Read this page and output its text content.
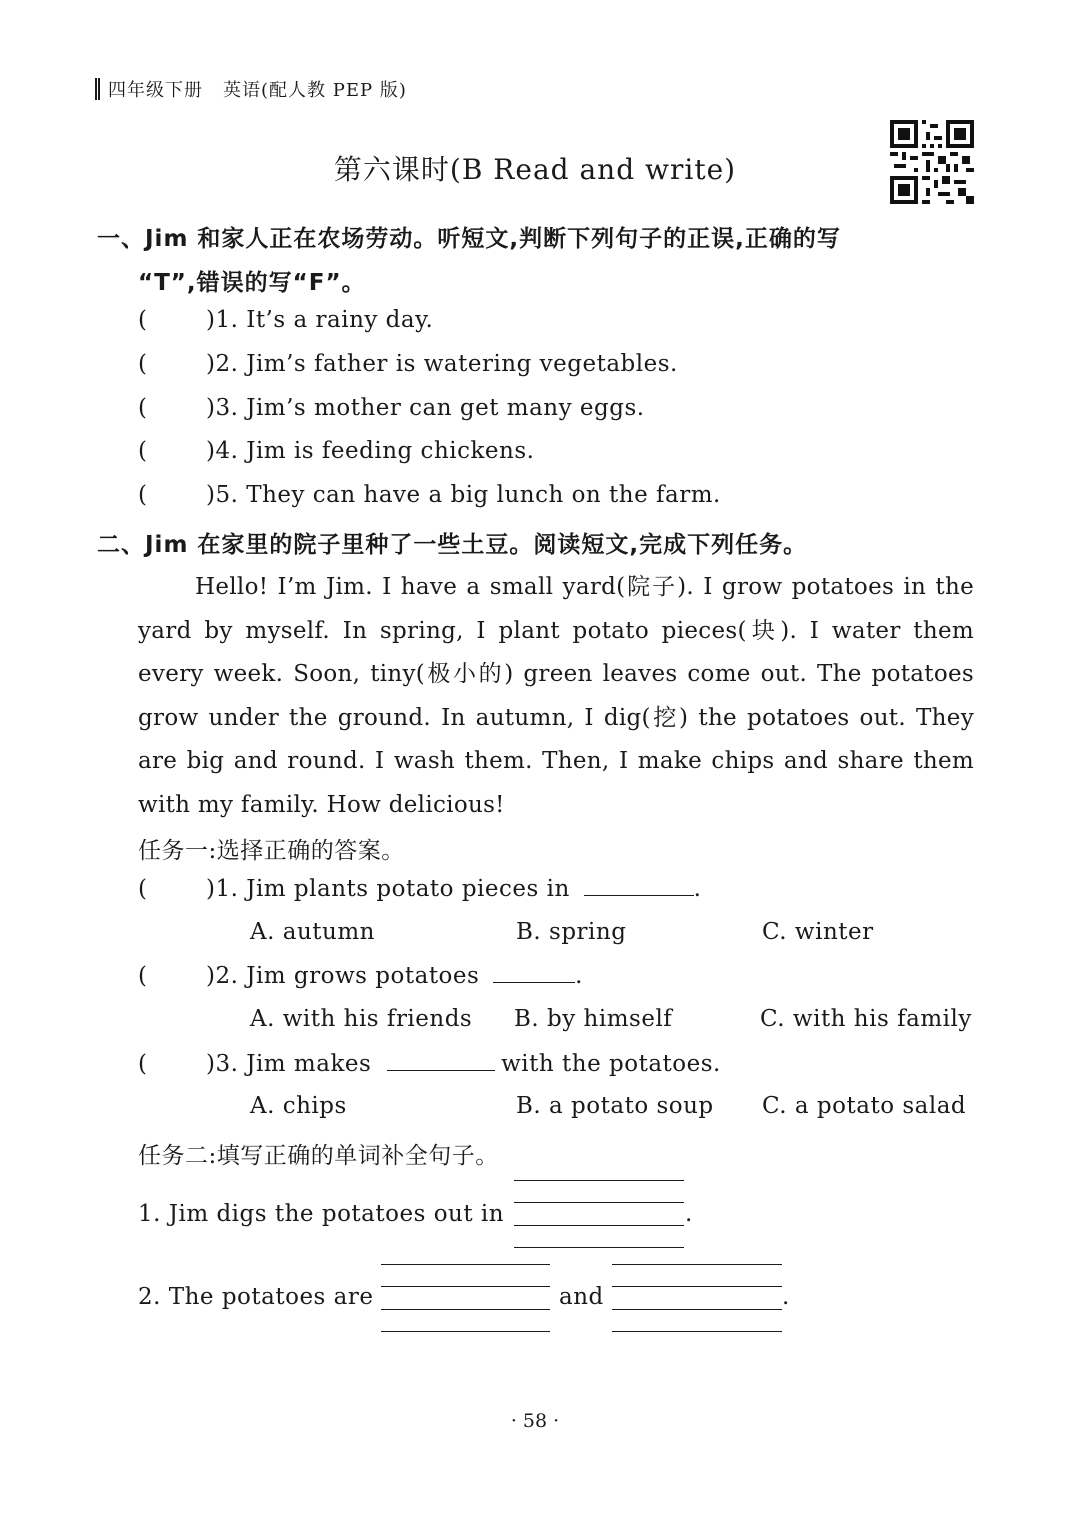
四年级下册 英语(配人教 PEP 版)
第六课时(B Read and write)
一、Jim 和家人正在农场劳动。听短文,判断下列句子的正误,正确的写
“T”,错误的写“F”。
(	)1. It’s a rainy day.
(	)2. Jim’s father is watering vegetables.
(	)3. Jim’s mother can get many eggs.
(	)4. Jim is feeding chickens.
(	)5. They can have a big lunch on the farm.
二、Jim 在家里的院子里种了一些土豆。阅读短文,完成下列任务。
Hello! I’m Jim. I have a small yard(院子). I grow potatoes in the yard by myself. In spring, I plant potato pieces(块). I water them every week. Soon, tiny(极小的) green leaves come out. The potatoes grow under the ground. In autumn, I dig(挖) the potatoes out. They are big and round. I wash them. Then, I make chips and share them with my family. How delicious!
任务一:选择正确的答案。
(	)1. Jim plants potato pieces in	.
A. autumn	B. spring	C. winter
(	)2. Jim grows potatoes	.
A. with his friends B. by himself	C. with his family
(	)3. Jim makes	with the potatoes.
A. chips	B. a potato soup C. a potato salad
任务二:填写正确的单词补全句子。
1. Jim digs the potatoes out in	.
2. The potatoes are	and	.
· 58 ·
